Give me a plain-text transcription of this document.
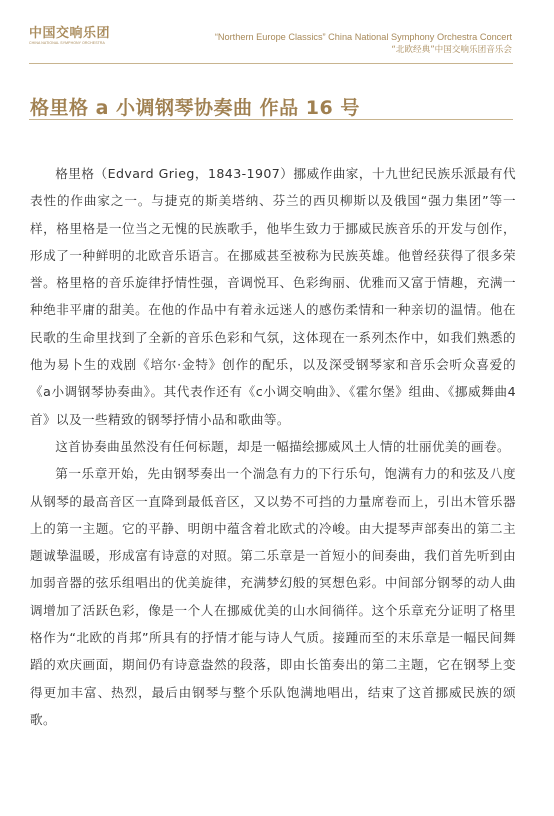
中国交响乐团
CHINA NATIONAL SYMPHONY ORCHESTRA
“Northern Europe Classics” China National Symphony Orchestra Concert
“北欧经典”中国交响乐团音乐会
格里格 a 小调钢琴协奏曲 作品 16 号

格里格（Edvard Grieg，1843-1907）挪威作曲家，十九世纪民族乐派最有代表性的作曲家之一。与捷克的斯美塔纳、芬兰的西贝柳斯以及俄国“强力集团”等一样，格里格是一位当之无愧的民族歌手，他毕生致力于挪威民族音乐的开发与创作，形成了一种鲜明的北欧音乐语言。在挪威甚至被称为民族英雄。他曾经获得了很多荣誉。格里格的音乐旋律抒情性强，音调悦耳、色彩绚丽、优雅而又富于情趣，充满一种绝非平庸的甜美。在他的作品中有着永远迷人的感伤柔情和一种亲切的温情。他在民歌的生命里找到了全新的音乐色彩和气氛，这体现在一系列杰作中，如我们熟悉的他为易卜生的戏剧《培尔·金特》创作的配乐，以及深受钢琴家和音乐会听众喜爱的《a小调钢琴协奏曲》。其代表作还有《c小调交响曲》、《霍尔堡》组曲、《挪威舞曲4首》以及一些精致的钢琴抒情小品和歌曲等。

这首协奏曲虽然没有任何标题，却是一幅描绘挪威风土人情的壮丽优美的画卷。

第一乐章开始，先由钢琴奏出一个湍急有力的下行乐句，饱满有力的和弦及八度从钢琴的最高音区一直降到最低音区，又以势不可挡的力量席卷而上，引出木管乐器上的第一主题。它的平静、明朗中蕴含着北欧式的冷峻。由大提琴声部奏出的第二主题诚挚温暖，形成富有诗意的对照。第二乐章是一首短小的间奏曲，我们首先听到由加弱音器的弦乐组唱出的优美旋律，充满梦幻般的冥想色彩。中间部分钢琴的动人曲调增加了活跃色彩，像是一个人在挪威优美的山水间徜徉。这个乐章充分证明了格里格作为“北欧的肖邦”所具有的抒情才能与诗人气质。接踵而至的末乐章是一幅民间舞蹈的欢庆画面，期间仍有诗意盎然的段落，即由长笛奏出的第二主题，它在钢琴上变得更加丰富、热烈，最后由钢琴与整个乐队饱满地唱出，结束了这首挪威民族的颂歌。
